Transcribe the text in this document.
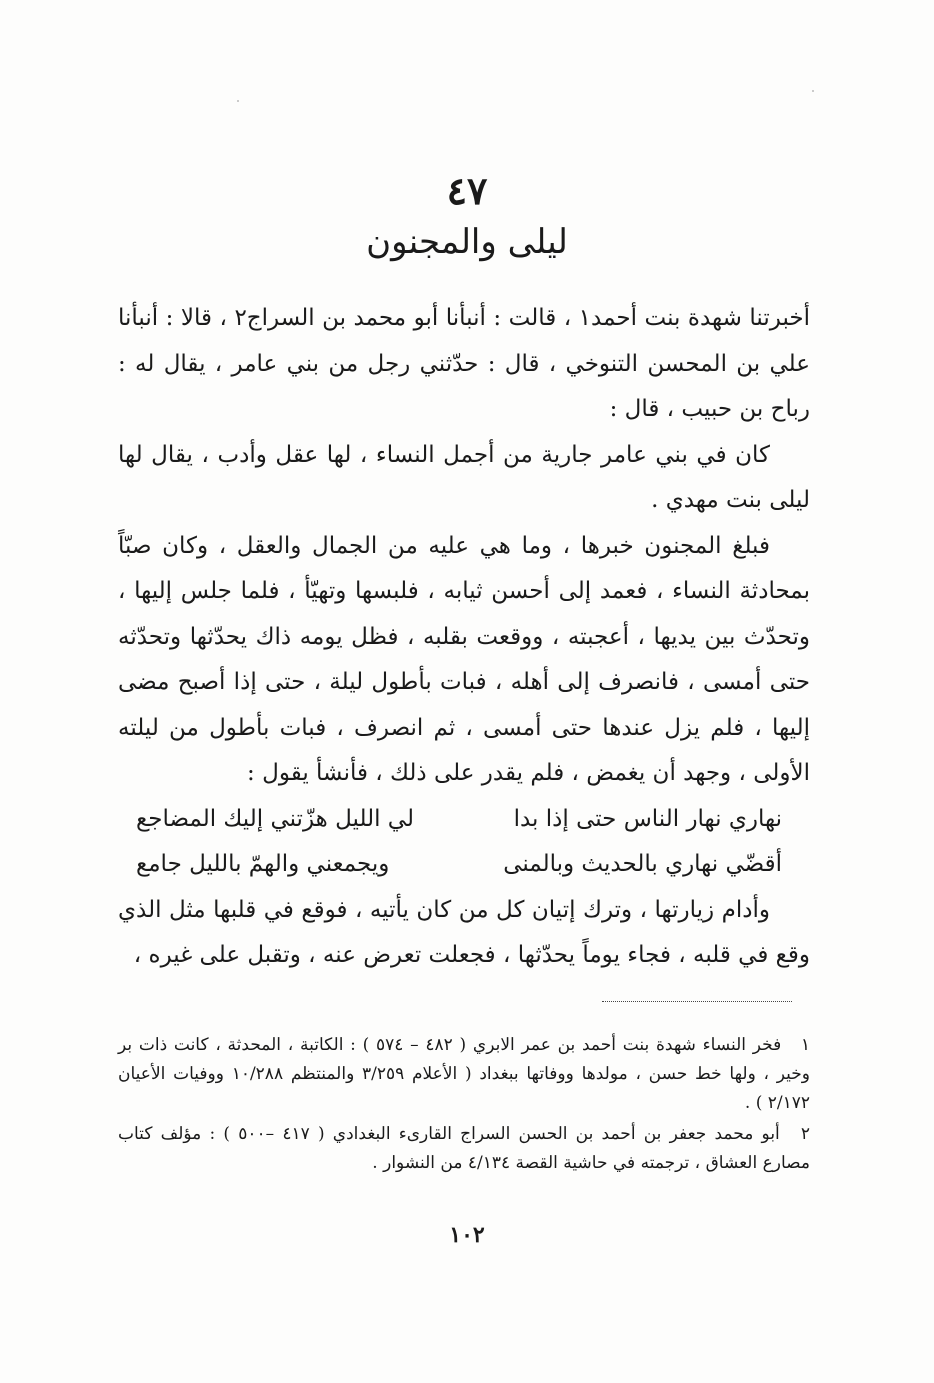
٤٧
ليلى والمجنون

أخبرتنا شهدة بنت أحمد١ ، قالت : أنبأنا أبو محمد بن السراج٢ ، قالا : أنبأنا علي بن المحسن التنوخي ، قال : حدّثني رجل من بني عامر ، يقال له : رباح بن حبيب ، قال :

كان في بني عامر جارية من أجمل النساء ، لها عقل وأدب ، يقال لها ليلى بنت مهدي .

فبلغ المجنون خبرها ، وما هي عليه من الجمال والعقل ، وكان صبّاً بمحادثة النساء ، فعمد إلى أحسن ثيابه ، فلبسها وتهيّأ ، فلما جلس إليها ، وتحدّث بين يديها ، أعجبته ، ووقعت بقلبه ، فظل يومه ذاك يحدّثها وتحدّثه حتى أمسى ، فانصرف إلى أهله ، فبات بأطول ليلة ، حتى إذا أصبح مضى إليها ، فلم يزل عندها حتى أمسى ، ثم انصرف ، فبات بأطول من ليلته الأولى ، وجهد أن يغمض ، فلم يقدر على ذلك ، فأنشأ يقول :

نهاري نهار الناس حتى إذا بدا
لي الليل هزّتني إليك المضاجع
أقضّي نهاري بالحديث وبالمنى
ويجمعني والهمّ بالليل جامع

وأدام زيارتها ، وترك إتيان كل من كان يأتيه ، فوقع في قلبها مثل الذي وقع في قلبه ، فجاء يوماً يحدّثها ، فجعلت تعرض عنه ، وتقبل على غيره ،

١ فخر النساء شهدة بنت أحمد بن عمر الابري ( ٤٨٢ – ٥٧٤ ) : الكاتبة ، المحدثة ، كانت ذات بر وخير ، ولها خط حسن ، مولدها ووفاتها ببغداد ( الأعلام ٣/٢٥٩ والمنتظم ١٠/٢٨٨ ووفيات الأعيان ٢/١٧٢ ) .

٢ أبو محمد جعفر بن أحمد بن الحسن السراج القارىء البغدادي ( ٤١٧ –٥٠٠ ) : مؤلف كتاب مصارع العشاق ، ترجمته في حاشية القصة ٤/١٣٤ من النشوار .

١٠٢
